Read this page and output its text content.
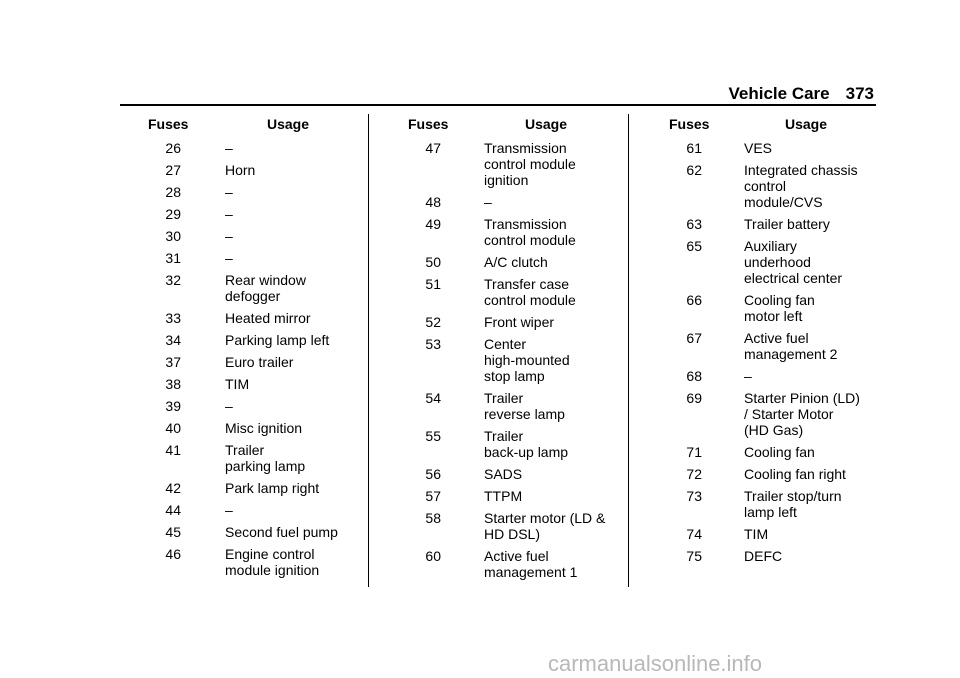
Vehicle Care 373
Fuses	Usage
26	–
27	Horn
28	–
29	–
30	–
31	–
32	Rear window
defogger
33	Heated mirror
34	Parking lamp left
37	Euro trailer
38	TIM
39	–
40	Misc ignition
41	Trailer
parking lamp
42	Park lamp right
44	–
45	Second fuel pump
46	Engine control
module ignition
Fuses	Usage
47	Transmission
control module
ignition
48	–
49	Transmission
control module
50	A/C clutch
51	Transfer case
control module
52	Front wiper
53	Center
high-mounted
stop lamp
54	Trailer
reverse lamp
55	Trailer
back-up lamp
56	SADS
57	TTPM
58	Starter motor (LD &
HD DSL)
60	Active fuel
management 1
Fuses	Usage
61	VES
62	Integrated chassis
control
module/CVS
63	Trailer battery
65	Auxiliary
underhood
electrical center
66	Cooling fan
motor left
67	Active fuel
management 2
68	–
69	Starter Pinion (LD)
/ Starter Motor
(HD Gas)
71	Cooling fan
72	Cooling fan right
73	Trailer stop/turn
lamp left
74	TIM
75	DEFC
carmanualsonline.info
